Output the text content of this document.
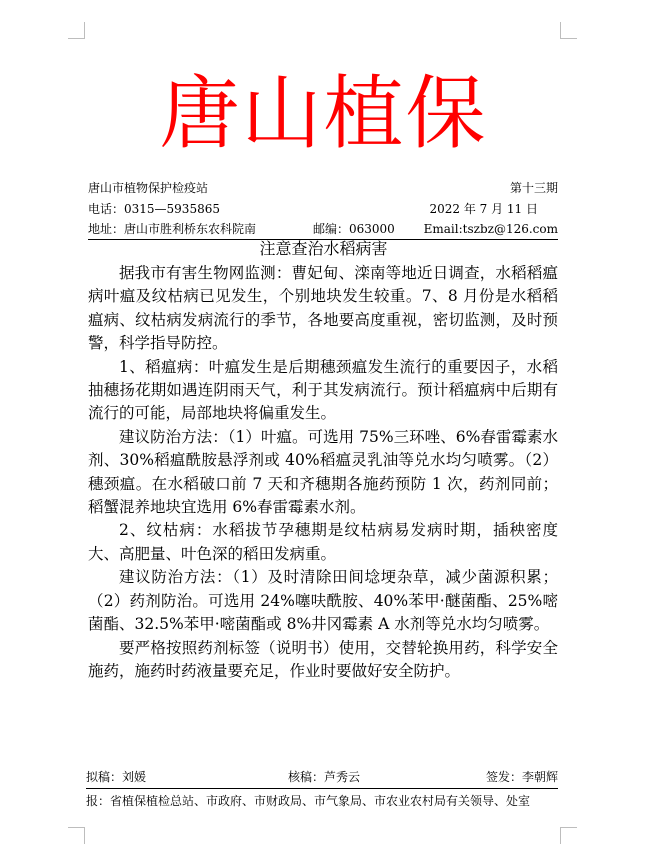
唐山植保
唐山市植物保护检疫站	第十三期
电话：0315—5935865	2022 年 7 月 11 日
地址：唐山市胜利桥东农科院南	邮编：063000 Email:tszbz@126.com
注意查治水稻病害

据我市有害生物网监测：曹妃甸、滦南等地近日调查，水稻稻瘟病叶瘟及纹枯病已见发生，个别地块发生较重。7、8 月份是水稻稻瘟病、纹枯病发病流行的季节，各地要高度重视，密切监测，及时预警，科学指导防控。

1、稻瘟病：叶瘟发生是后期穗颈瘟发生流行的重要因子，水稻抽穗扬花期如遇连阴雨天气，利于其发病流行。预计稻瘟病中后期有流行的可能，局部地块将偏重发生。

建议防治方法：（1）叶瘟。可选用 75%三环唑、6%春雷霉素水剂、30%稻瘟酰胺悬浮剂或 40%稻瘟灵乳油等兑水均匀喷雾。（2）穗颈瘟。在水稻破口前 7 天和齐穗期各施药预防 1 次，药剂同前；稻蟹混养地块宜选用 6%春雷霉素水剂。

2、纹枯病：水稻拔节孕穗期是纹枯病易发病时期，插秧密度大、高肥量、叶色深的稻田发病重。

建议防治方法：（1）及时清除田间埝埂杂草，减少菌源积累；（2）药剂防治。可选用 24%噻呋酰胺、40%苯甲·醚菌酯、25%嘧菌酯、32.5%苯甲·嘧菌酯或 8%井冈霉素 A 水剂等兑水均匀喷雾。

要严格按照药剂标签（说明书）使用，交替轮换用药，科学安全施药，施药时药液量要充足，作业时要做好安全防护。

拟稿：刘媛	核稿：芦秀云	签发：李朝辉
报：省植保植检总站、市政府、市财政局、市气象局、市农业农村局有关领导、处室
